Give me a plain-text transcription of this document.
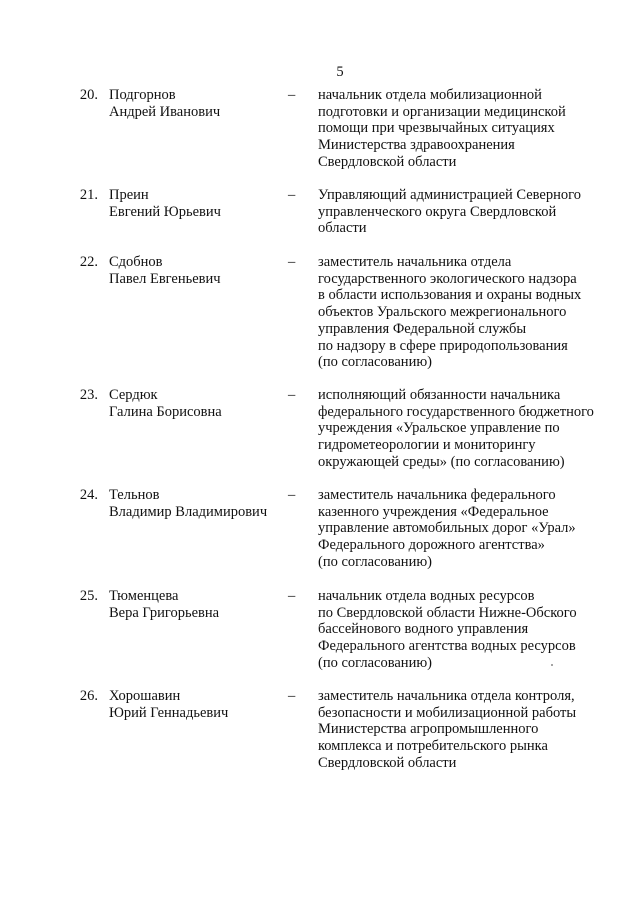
5
20. Подгорнов
Андрей Иванович
– начальник отдела мобилизационной
подготовки и организации медицинской
помощи при чрезвычайных ситуациях
Министерства здравоохранения
Свердловской области
21. Преин
Евгений Юрьевич
– Управляющий администрацией Северного
управленческого округа Свердловской
области
22. Сдобнов
Павел Евгеньевич
– заместитель начальника отдела
государственного экологического надзора
в области использования и охраны водных
объектов Уральского межрегионального
управления Федеральной службы
по надзору в сфере природопользования
(по согласованию)
23. Сердюк
Галина Борисовна
– исполняющий обязанности начальника
федерального государственного бюджетного
учреждения «Уральское управление по
гидрометеорологии и мониторингу
окружающей среды» (по согласованию)
24. Тельнов
Владимир Владимирович
– заместитель начальника федерального
казенного учреждения «Федеральное
управление автомобильных дорог «Урал»
Федерального дорожного агентства»
(по согласованию)
25. Тюменцева
Вера Григорьевна
– начальник отдела водных ресурсов
по Свердловской области Нижне-Обского
бассейнового водного управления
Федерального агентства водных ресурсов
(по согласованию)
26. Хорошавин
Юрий Геннадьевич
– заместитель начальника отдела контроля,
безопасности и мобилизационной работы
Министерства агропромышленного
комплекса и потребительского рынка
Свердловской области
